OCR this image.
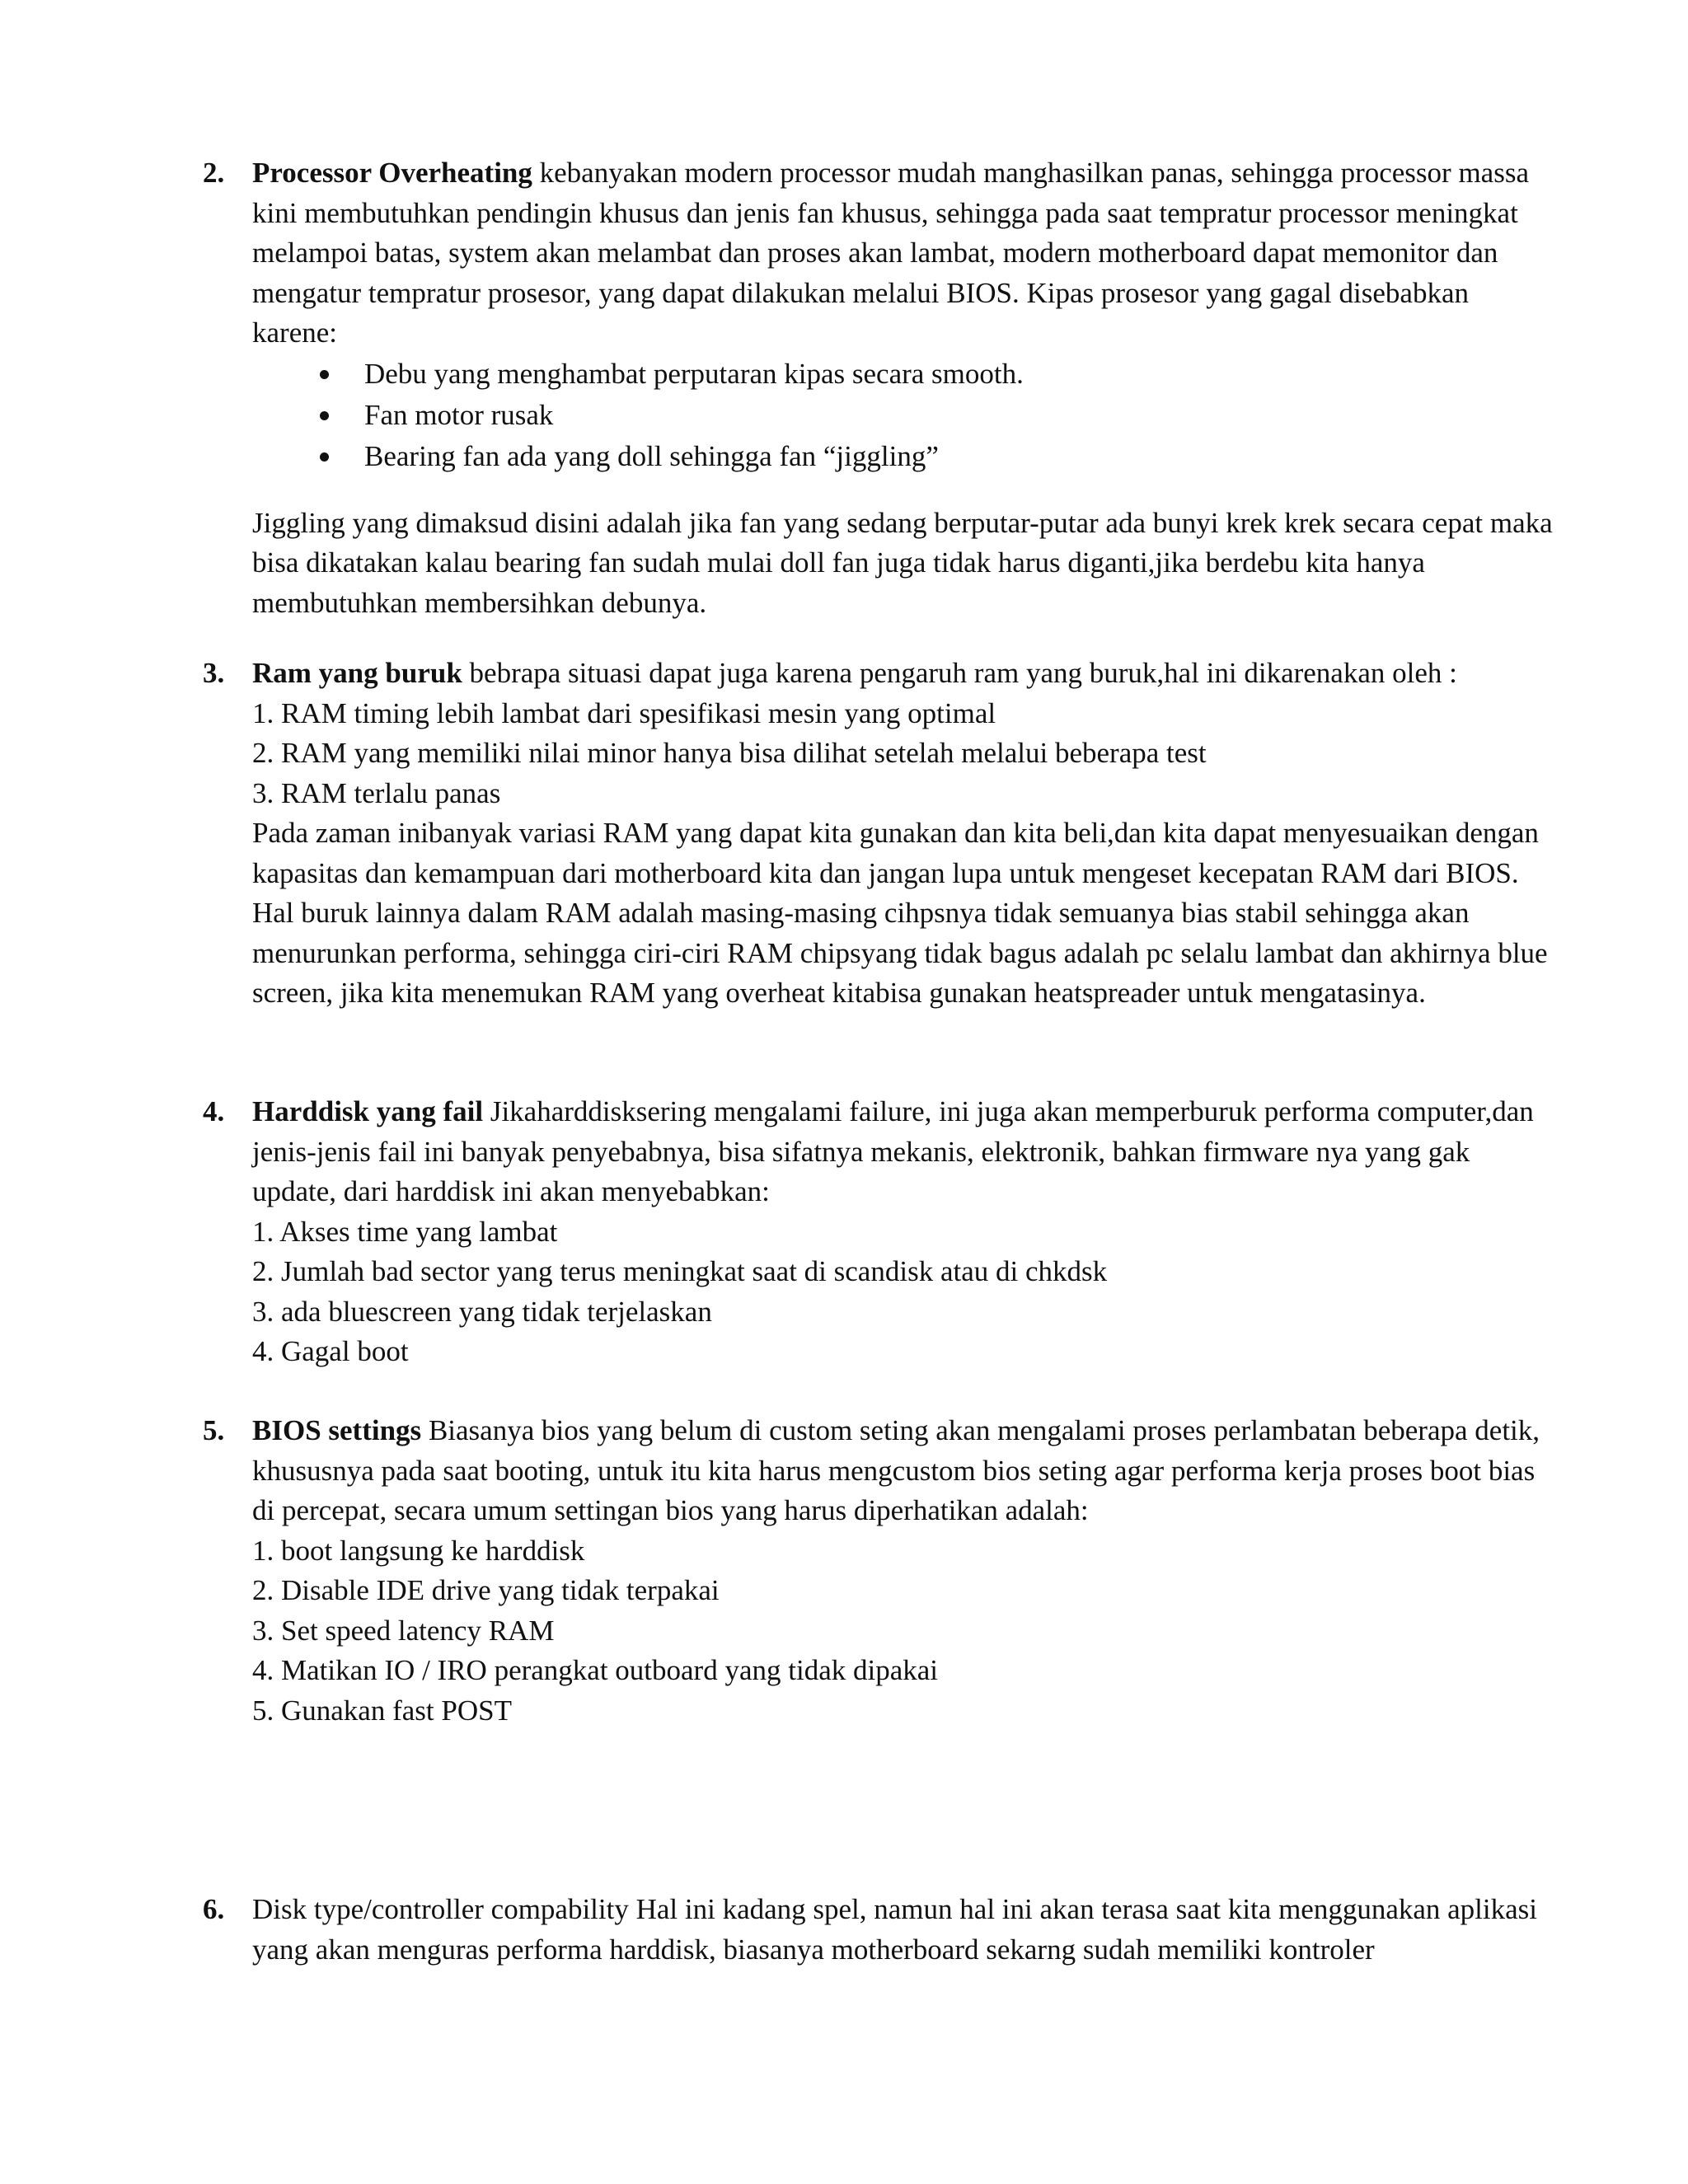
2. Processor Overheating kebanyakan modern processor mudah manghasilkan panas, sehingga processor massa kini membutuhkan pendingin khusus dan jenis fan khusus, sehingga pada saat tempratur processor meningkat melampoi batas, system akan melambat dan proses akan lambat, modern motherboard dapat memonitor dan mengatur tempratur prosesor, yang dapat dilakukan melalui BIOS. Kipas prosesor yang gagal disebabkan karene:

Debu yang menghambat perputaran kipas secara smooth.
Fan motor rusak
Bearing fan ada yang doll sehingga fan “jiggling”

Jiggling yang dimaksud disini adalah jika fan yang sedang berputar-putar ada bunyi krek krek secara cepat maka bisa dikatakan kalau bearing fan sudah mulai doll fan juga tidak harus diganti,jika berdebu kita hanya membutuhkan membersihkan debunya.

3. Ram yang buruk bebrapa situasi dapat juga karena pengaruh ram yang buruk,hal ini dikarenakan oleh :

1. RAM timing lebih lambat dari spesifikasi mesin yang optimal

2. RAM yang memiliki nilai minor hanya bisa dilihat setelah melalui beberapa test

3. RAM terlalu panas

Pada zaman inibanyak variasi RAM yang dapat kita gunakan dan kita beli,dan kita dapat menyesuaikan dengan kapasitas dan kemampuan dari motherboard kita dan jangan lupa untuk mengeset kecepatan RAM dari BIOS. Hal buruk lainnya dalam RAM adalah masing-masing cihpsnya tidak semuanya bias stabil sehingga akan menurunkan performa, sehingga ciri-ciri RAM chipsyang tidak bagus adalah pc selalu lambat dan akhirnya blue screen, jika kita menemukan RAM yang overheat kitabisa gunakan heatspreader untuk mengatasinya.

4. Harddisk yang fail Jikaharddisksering mengalami failure, ini juga akan memperburuk performa computer,dan jenis-jenis fail ini banyak penyebabnya, bisa sifatnya mekanis, elektronik, bahkan firmware nya yang gak update, dari harddisk ini akan menyebabkan:

1. Akses time yang lambat

2. Jumlah bad sector yang terus meningkat saat di scandisk atau di chkdsk

3. ada bluescreen yang tidak terjelaskan

4. Gagal boot

5. BIOS settings Biasanya bios yang belum di custom seting akan mengalami proses perlambatan beberapa detik, khususnya pada saat booting, untuk itu kita harus mengcustom bios seting agar performa kerja proses boot bias di percepat, secara umum settingan bios yang harus diperhatikan adalah:

1. boot langsung ke harddisk

2. Disable IDE drive yang tidak terpakai

3. Set speed latency RAM

4. Matikan IO / IRO perangkat outboard yang tidak dipakai

5. Gunakan fast POST

6. Disk type/controller compability Hal ini kadang spel, namun hal ini akan terasa saat kita menggunakan aplikasi yang akan menguras performa harddisk, biasanya motherboard sekarng sudah memiliki kontroler
